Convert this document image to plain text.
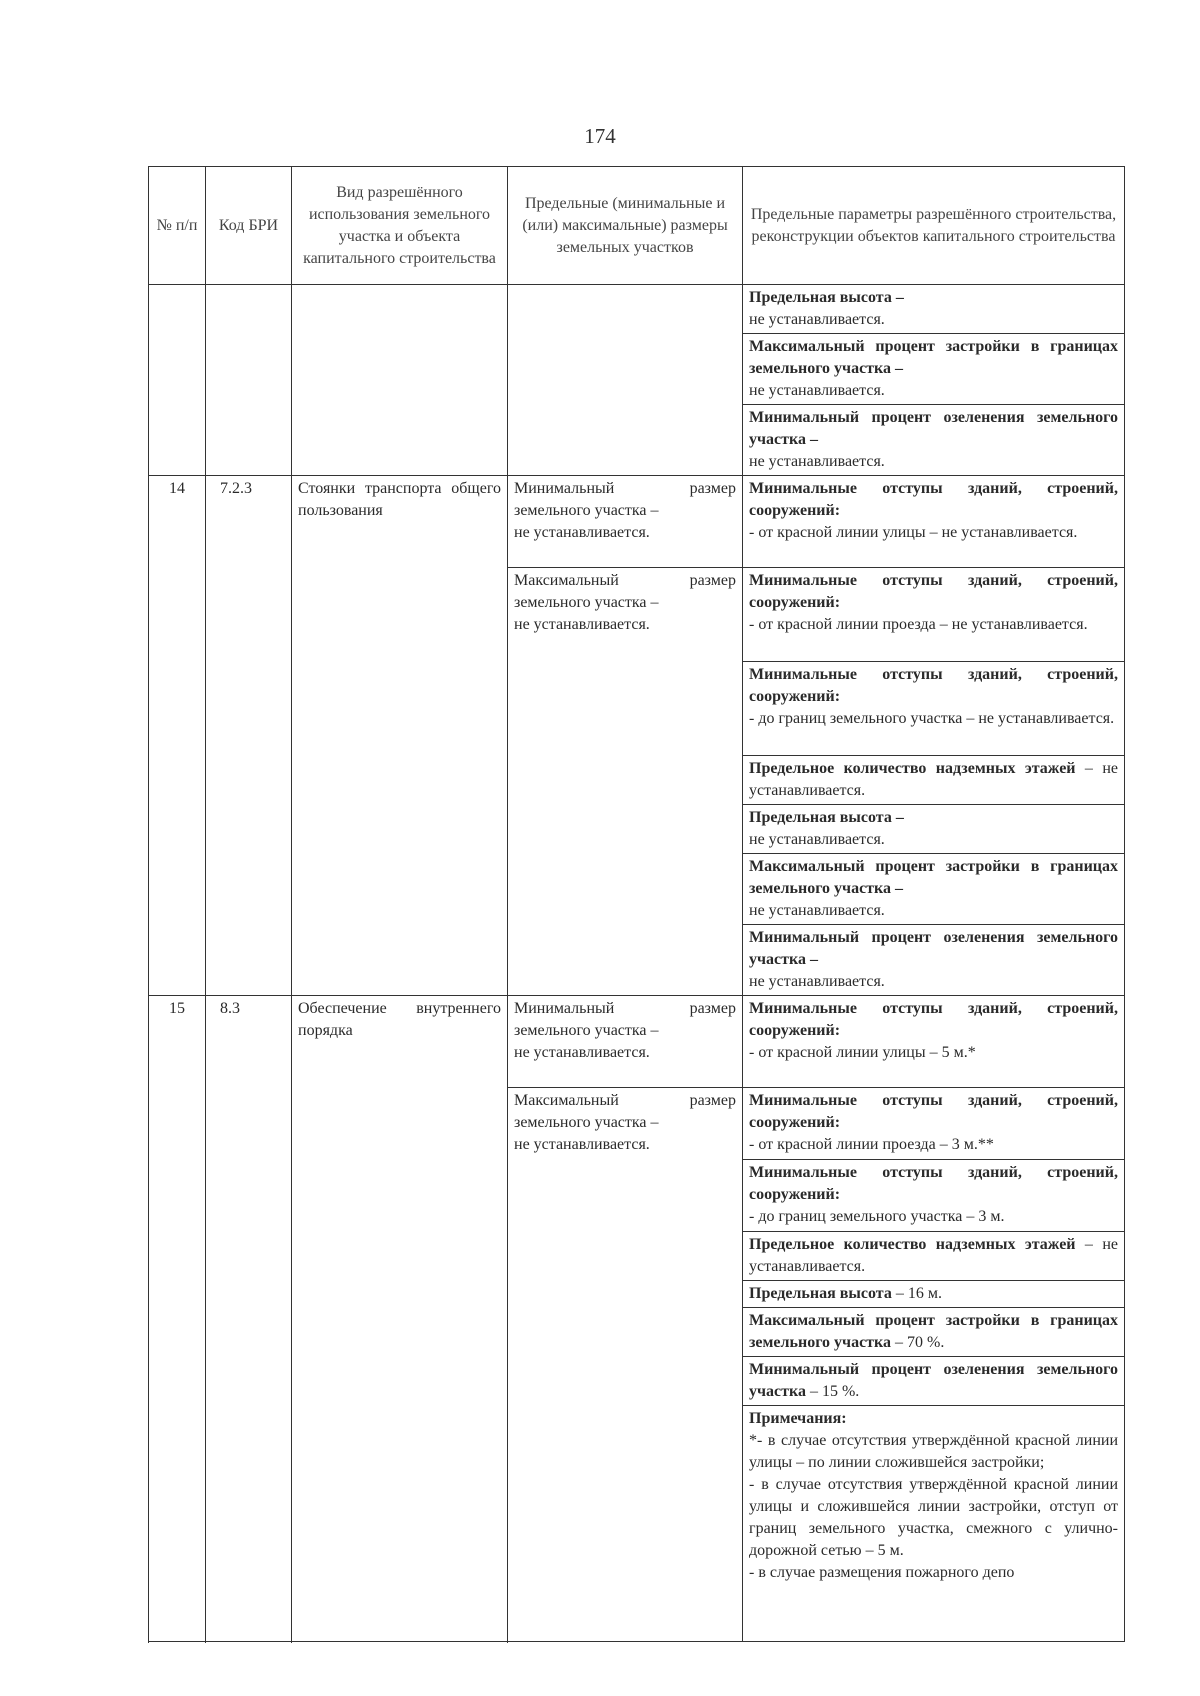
174
№ п/п	Код БРИ	Вид разрешённого использования земельного участка и объекта капитального строительства	Предельные (минимальные и (или) максимальные) размеры земельных участков	Предельные параметры разрешённого строительства, реконструкции объектов капитального строительства
				Предельная высота –
не устанавливается.
				Максимальный процент застройки в границах земельного участка –
не устанавливается.
				Минимальный процент озеленения земельного участка –
не устанавливается.
14	7.2.3	Стоянки транспорта общего пользования	Минимальный размер земельного участка –
не устанавливается.	Минимальные отступы зданий, строений, сооружений:
- от красной линии улицы – не устанавливается.

			Максимальный размер земельного участка –
не устанавливается.	Минимальные отступы зданий, строений, сооружений:
- от красной линии проезда – не устанавливается.
				Минимальные отступы зданий, строений, сооружений:
- до границ земельного участка – не устанавливается.
				Предельное количество надземных этажей – не устанавливается.
				Предельная высота –
не устанавливается.
				Максимальный процент застройки в границах земельного участка –
не устанавливается.
				Минимальный процент озеленения земельного участка –
не устанавливается.

15	8.3	Обеспечение внутреннего порядка	Минимальный размер земельного участка –
не устанавливается.	Минимальные отступы зданий, строений, сооружений:
- от красной линии улицы – 5 м.*

			Максимальный размер земельного участка –
не устанавливается.	Минимальные отступы зданий, строений, сооружений:
- от красной линии проезда – 3 м.**
				Минимальные отступы зданий, строений, сооружений:
- до границ земельного участка – 3 м.
				Предельное количество надземных этажей – не устанавливается.
				Предельная высота – 16 м.
				Максимальный процент застройки в границах земельного участка – 70 %.
				Минимальный процент озеленения земельного участка – 15 %.
				Примечания:
*- в случае отсутствия утверждённой красной линии улицы – по линии сложившейся застройки;
- в случае отсутствия утверждённой красной линии улицы и сложившейся линии застройки, отступ от границ земельного участка, смежного с улично-дорожной сетью – 5 м.
- в случае размещения пожарного депо
